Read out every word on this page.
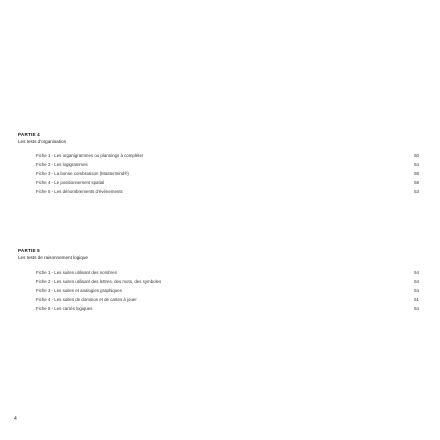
PARTIE 4
Les tests d'organisation
Fiche 1 - Les organigrammes ou plannings à compléter
Fiche 2 - Les logigrammes
Fiche 3 - La bonne combinaison (Mastermind®)
Fiche 4 - Le positionnement spatial
Fiche 5 - Les dénombrements d'événements
50
54
58
58
53
PARTIE 5
Les tests de raisonnement logique
Fiche 1 - Les suites utilisant des nombres
Fiche 2 - Les suites utilisant des lettres, des mots, des symboles
Fiche 3 - Les suites et analogies graphiques
Fiche 4 - Les suites de dominos et de cartes à jouer
Fiche 5 - Les carrés logiques
54
54
54
51
54
4
